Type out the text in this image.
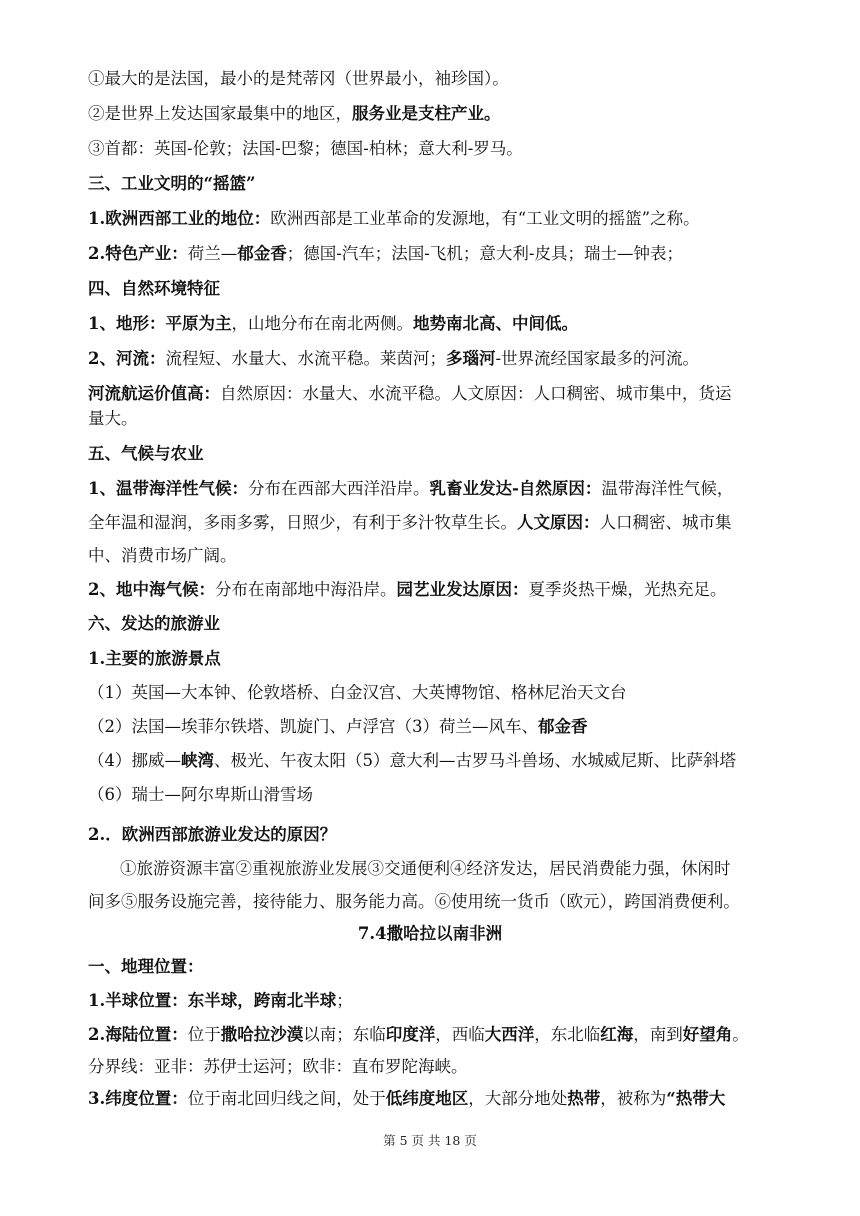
①最大的是法国，最小的是梵蒂冈（世界最小，袖珍国）。
②是世界上发达国家最集中的地区，服务业是支柱产业。
③首都：英国-伦敦；法国-巴黎；德国-柏林；意大利-罗马。
三、工业文明的“摇篮”
1.欧洲西部工业的地位：欧洲西部是工业革命的发源地，有“工业文明的摇篮”之称。
2.特色产业：荷兰—郁金香；德国-汽车；法国-飞机；意大利-皮具；瑞士—钟表；
四、自然环境特征
1、地形：平原为主，山地分布在南北两侧。地势南北高、中间低。
2、河流：流程短、水量大、水流平稳。莱茵河；多瑙河-世界流经国家最多的河流。
河流航运价值高：自然原因：水量大、水流平稳。人文原因：人口稠密、城市集中，货运
量大。
五、气候与农业
1、温带海洋性气候：分布在西部大西洋沿岸。乳畜业发达-自然原因：温带海洋性气候，
全年温和湿润，多雨多雾，日照少，有利于多汁牧草生长。人文原因：人口稠密、城市集
中、消费市场广阔。
2、地中海气候：分布在南部地中海沿岸。园艺业发达原因：夏季炎热干燥，光热充足。
六、发达的旅游业
1.主要的旅游景点
（1）英国—大本钟、伦敦塔桥、白金汉宫、大英博物馆、格林尼治天文台
（2）法国—埃菲尔铁塔、凯旋门、卢浮宫（3）荷兰—风车、郁金香
（4）挪威—峡湾、极光、午夜太阳（5）意大利—古罗马斗兽场、水城威尼斯、比萨斜塔
（6）瑞士—阿尔卑斯山滑雪场
2.．欧洲西部旅游业发达的原因？
①旅游资源丰富②重视旅游业发展③交通便利④经济发达，居民消费能力强，休闲时
间多⑤服务设施完善，接待能力、服务能力高。⑥使用统一货币（欧元），跨国消费便利。
7.4撒哈拉以南非洲
一、地理位置：
1.半球位置：东半球，跨南北半球；
2.海陆位置：位于撒哈拉沙漠以南；东临印度洋，西临大西洋，东北临红海，南到好望角。
分界线：亚非：苏伊士运河；欧非：直布罗陀海峡。
3.纬度位置：位于南北回归线之间，处于低纬度地区，大部分地处热带，被称为“热带大
第 5 页 共 18 页
